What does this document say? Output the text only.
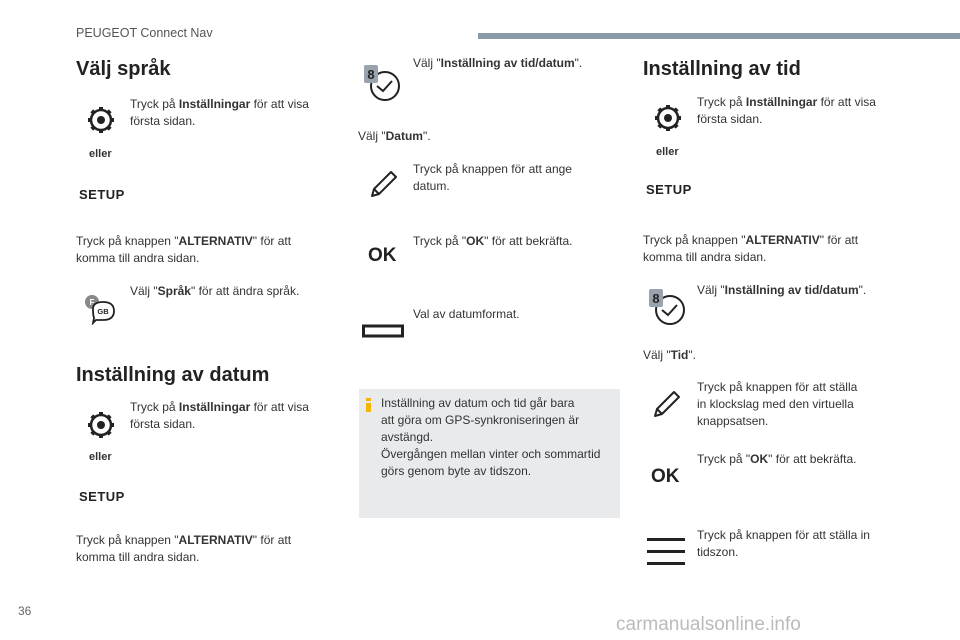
PEUGEOT Connect Nav
Välj språk
Tryck på Inställningar för att visa första sidan.
eller
SETUP
Tryck på knappen "ALTERNATIV" för att komma till andra sidan.
F
GB
Välj "Språk" för att ändra språk.
Inställning av datum
Tryck på Inställningar för att visa första sidan.
eller
SETUP
Tryck på knappen "ALTERNATIV" för att komma till andra sidan.
8
Välj "Inställning av tid/datum".
Välj "Datum".
Tryck på knappen för att ange datum.
OK
Tryck på "OK" för att bekräfta.
Val av datumformat.
Inställning av datum och tid går bara
att göra om GPS-synkroniseringen är
avstängd.
Övergången mellan vinter och sommartid
görs genom byte av tidszon.
Inställning av tid
Tryck på Inställningar för att visa första sidan.
eller
SETUP
Tryck på knappen "ALTERNATIV" för att komma till andra sidan.
8
Välj "Inställning av tid/datum".
Välj "Tid".
Tryck på knappen för att ställa
in klockslag med den virtuella
knappsatsen.
OK
Tryck på "OK" för att bekräfta.
Tryck på knappen för att ställa in
tidszon.
36
carmanualsonline.info
